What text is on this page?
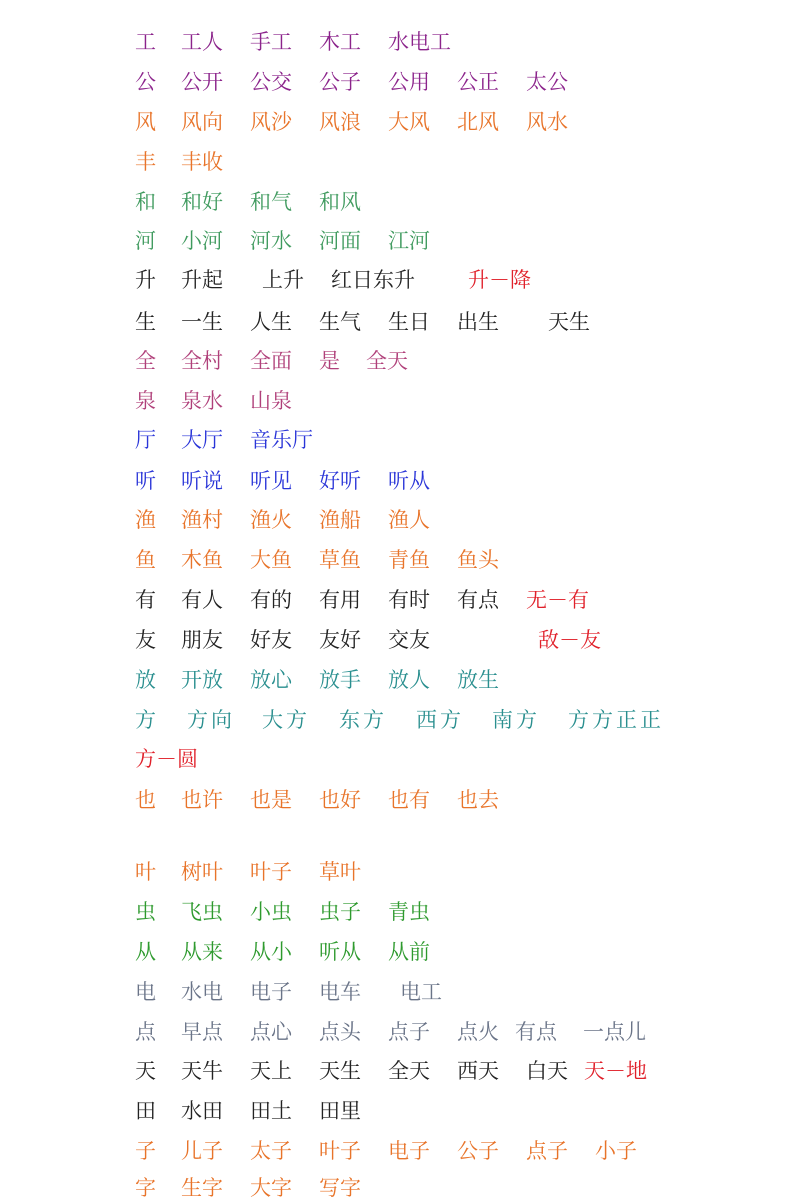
工 工人 手工 木工 水电工
公 公开 公交 公子 公用 公正 太公
风 风向 风沙 风浪 大风 北风 风水
丰 丰收
和 和好 和气 和风
河 小河 河水 河面 江河
升 升起 上升 红日东升	升－降
生 一生 人生 生气 生日 出生 天生
全 全村 全面 是 全天
泉 泉水 山泉
厅 大厅 音乐厅
听 听说 听见 好听 听从
渔 渔村 渔火 渔船 渔人
鱼 木鱼 大鱼 草鱼 青鱼 鱼头
有 有人 有的 有用 有时 有点 无－有
友 朋友 好友 友好 交友	敌－友
放 开放 放心 放手 放人 放生
方 方向 大方 东方 西方 南方 方方正正
方－圆
也 也许 也是 也好 也有 也去
叶 树叶 叶子 草叶
虫 飞虫 小虫 虫子 青虫
从 从来 从小 听从 从前
电 水电 电子 电车 电工
点 早点 点心 点头 点子 点火 有点 一点儿
天 天牛 天上 天生 全天 西天 白天 天－地
田 水田 田土 田里
子 儿子 太子 叶子 电子 公子 点子 小子
字 生字 大字 写字
